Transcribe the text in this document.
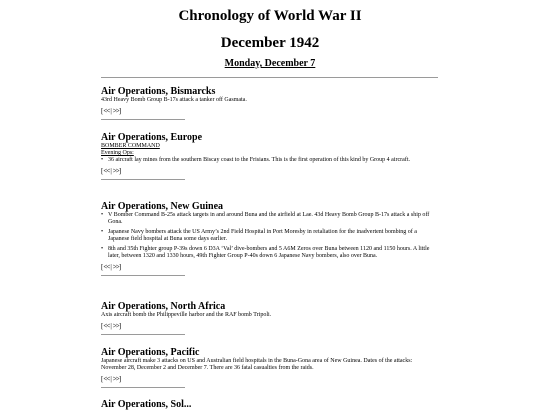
Chronology of World War II
December 1942
Monday, December 7
Air Operations, Bismarcks

43rd Heavy Bomb Group B-17s attack a tanker off Gasmata.

[<<|>>]
Air Operations, Europe
BOMBER COMMAND
Evening Ops:
• 36 aircraft lay mines from the southern Biscay coast to the Frisians. This is the first operation of this kind by Group 4 aircraft.
[<<|>>]
Air Operations, New Guinea
• V Bomber Command B-25s attack targets in and around Buna and the airfield at Lae. 43d Heavy Bomb Group B-17s attack a ship off Gona.
• Japanese Navy bombers attack the US Army’s 2nd Field Hospital in Port Moresby in retaliation for the inadvertent bombing of a Japanese field hospital at Buna some days earlier.
• 8th and 35th Fighter group P-39s down 6 D3A ‘Val’ dive-bombers and 5 A6M Zeros over Buna between 1120 and 1150 hours. A little later, between 1320 and 1330 hours, 49th Fighter Group P-40s down 6 Japanese Navy bombers, also over Buna.
[<<|>>]
Air Operations, North Africa

Axis aircraft bomb the Philippeville harbor and the RAF bomb Tripoli.

[<<|>>]
Air Operations, Pacific

Japanese aircraft make 3 attacks on US and Australian field hospitals in the Buna-Gona area of New Guinea. Dates of the attacks: November 28, December 2 and December 7. There are 36 fatal casualties from the raids.

[<<|>>]
Air Operations, Sol...
